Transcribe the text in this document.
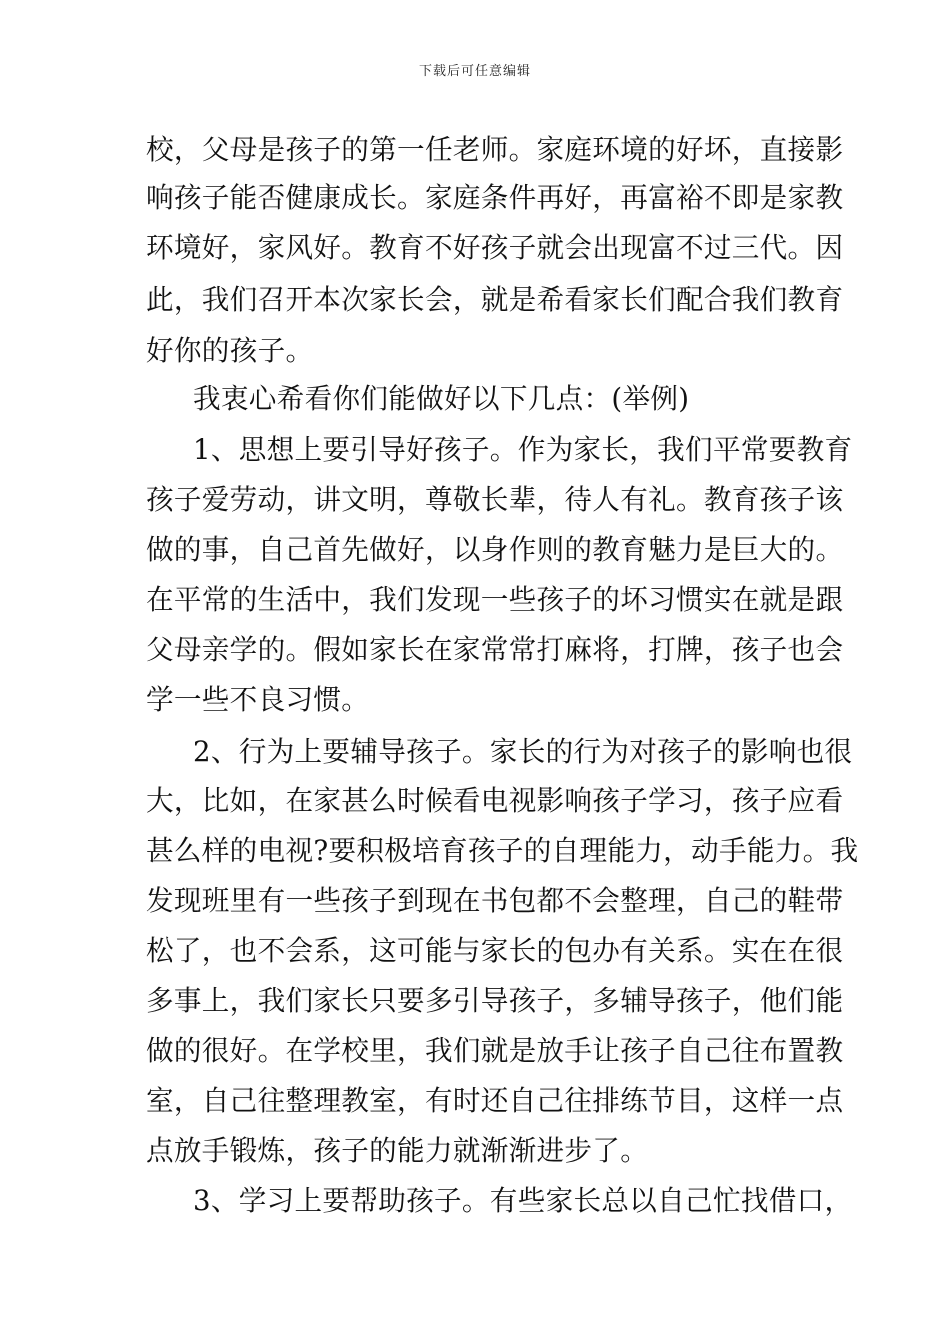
下载后可任意编辑
校，父母是孩子的第一任老师。家庭环境的好坏，直接影
响孩子能否健康成长。家庭条件再好，再富裕不即是家教
环境好，家风好。教育不好孩子就会出现富不过三代。因
此，我们召开本次家长会，就是希看家长们配合我们教育
好你的孩子。
我衷心希看你们能做好以下几点：(举例)
1、思想上要引导好孩子。作为家长，我们平常要教育
孩子爱劳动，讲文明，尊敬长辈，待人有礼。教育孩子该
做的事，自己首先做好，以身作则的教育魅力是巨大的。
在平常的生活中，我们发现一些孩子的坏习惯实在就是跟
父母亲学的。假如家长在家常常打麻将，打牌，孩子也会
学一些不良习惯。
2、行为上要辅导孩子。家长的行为对孩子的影响也很
大，比如，在家甚么时候看电视影响孩子学习，孩子应看
甚么样的电视?要积极培育孩子的自理能力，动手能力。我
发现班里有一些孩子到现在书包都不会整理，自己的鞋带
松了，也不会系，这可能与家长的包办有关系。实在在很
多事上，我们家长只要多引导孩子，多辅导孩子，他们能
做的很好。在学校里，我们就是放手让孩子自己往布置教
室，自己往整理教室，有时还自己往排练节目，这样一点
点放手锻炼，孩子的能力就渐渐进步了。
3、学习上要帮助孩子。有些家长总以自己忙找借口，
